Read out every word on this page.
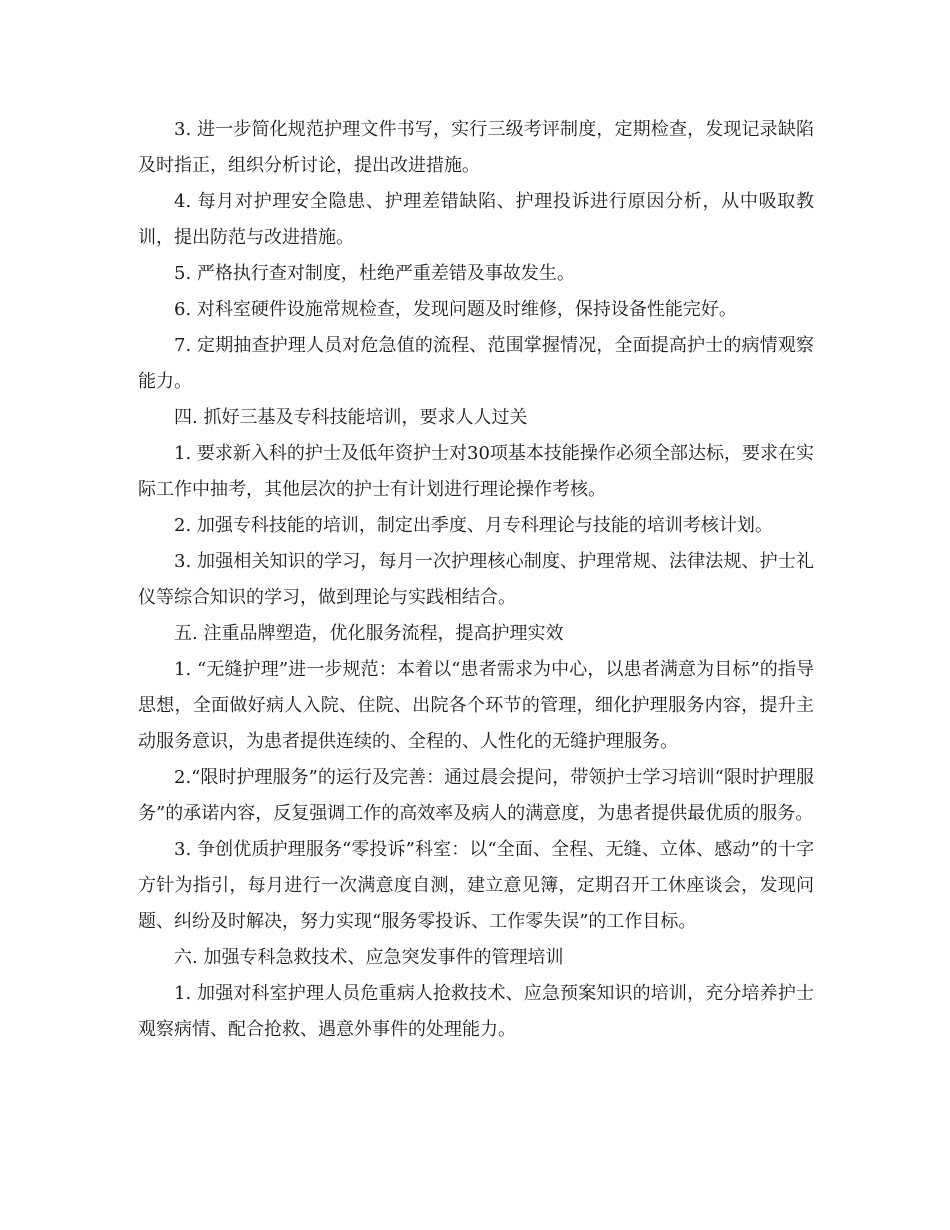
3. 进一步简化规范护理文件书写，实行三级考评制度，定期检查，发现记录缺陷及时指正，组织分析讨论，提出改进措施。

4. 每月对护理安全隐患、护理差错缺陷、护理投诉进行原因分析，从中吸取教训，提出防范与改进措施。

5. 严格执行查对制度，杜绝严重差错及事故发生。

6. 对科室硬件设施常规检查，发现问题及时维修，保持设备性能完好。

7. 定期抽查护理人员对危急值的流程、范围掌握情况，全面提高护士的病情观察能力。

四. 抓好三基及专科技能培训，要求人人过关

1. 要求新入科的护士及低年资护士对30项基本技能操作必须全部达标，要求在实际工作中抽考，其他层次的护士有计划进行理论操作考核。

2. 加强专科技能的培训，制定出季度、月专科理论与技能的培训考核计划。

3. 加强相关知识的学习，每月一次护理核心制度、护理常规、法律法规、护士礼仪等综合知识的学习，做到理论与实践相结合。

五. 注重品牌塑造，优化服务流程，提高护理实效

1. “无缝护理”进一步规范：本着以“患者需求为中心，以患者满意为目标”的指导思想，全面做好病人入院、住院、出院各个环节的管理，细化护理服务内容，提升主动服务意识，为患者提供连续的、全程的、人性化的无缝护理服务。

2.“限时护理服务”的运行及完善：通过晨会提问，带领护士学习培训“限时护理服务”的承诺内容，反复强调工作的高效率及病人的满意度，为患者提供最优质的服务。

3. 争创优质护理服务“零投诉”科室：以“全面、全程、无缝、立体、感动”的十字方针为指引，每月进行一次满意度自测，建立意见簿，定期召开工休座谈会，发现问题、纠纷及时解决，努力实现“服务零投诉、工作零失误”的工作目标。

六. 加强专科急救技术、应急突发事件的管理培训

1. 加强对科室护理人员危重病人抢救技术、应急预案知识的培训，充分培养护士观察病情、配合抢救、遇意外事件的处理能力。
